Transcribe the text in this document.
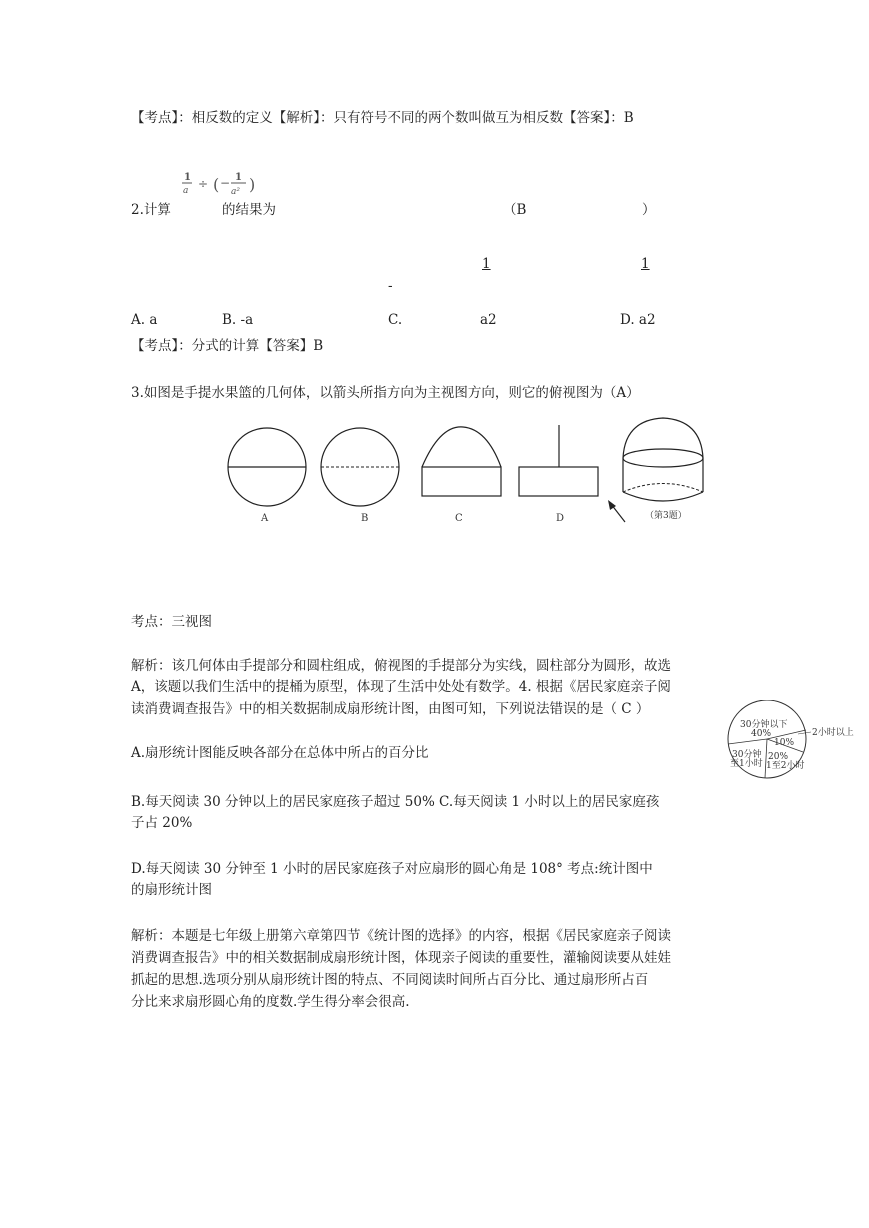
【考点】：相反数的定义【解析】：只有符号不同的两个数叫做互为相反数【答案】：B
1
a ÷ ( − 1
a² )
2.计算	的结果为	（B	）
1	1
-
A. a	B. -a	C.	a2	D. a2
【考点】：分式的计算【答案】B
3.如图是手提水果篮的几何体，以箭头所指方向为主视图方向，则它的俯视图为（A）
A	B	C	D	（第3题）
考点：三视图
解析：该几何体由手提部分和圆柱组成，俯视图的手提部分为实线，圆柱部分为圆形，故选
A，该题以我们生活中的提桶为原型，体现了生活中处处有数学。4. 根据《居民家庭亲子阅
读消费调查报告》中的相关数据制成扇形统计图，由图可知，下列说法错误的是（ C ）
30分钟以下
40%
10%
30分钟
至1小时
20%
1至2小时
2小时以上
A.扇形统计图能反映各部分在总体中所占的百分比
B.每天阅读 30 分钟以上的居民家庭孩子超过 50% C.每天阅读 1 小时以上的居民家庭孩
子占 20%
D.每天阅读 30 分钟至 1 小时的居民家庭孩子对应扇形的圆心角是 108° 考点:统计图中
的扇形统计图
解析：本题是七年级上册第六章第四节《统计图的选择》的内容，根据《居民家庭亲子阅读
消费调查报告》中的相关数据制成扇形统计图，体现亲子阅读的重要性，灌输阅读要从娃娃
抓起的思想.选项分别从扇形统计图的特点、不同阅读时间所占百分比、通过扇形所占百
分比来求扇形圆心角的度数.学生得分率会很高.
